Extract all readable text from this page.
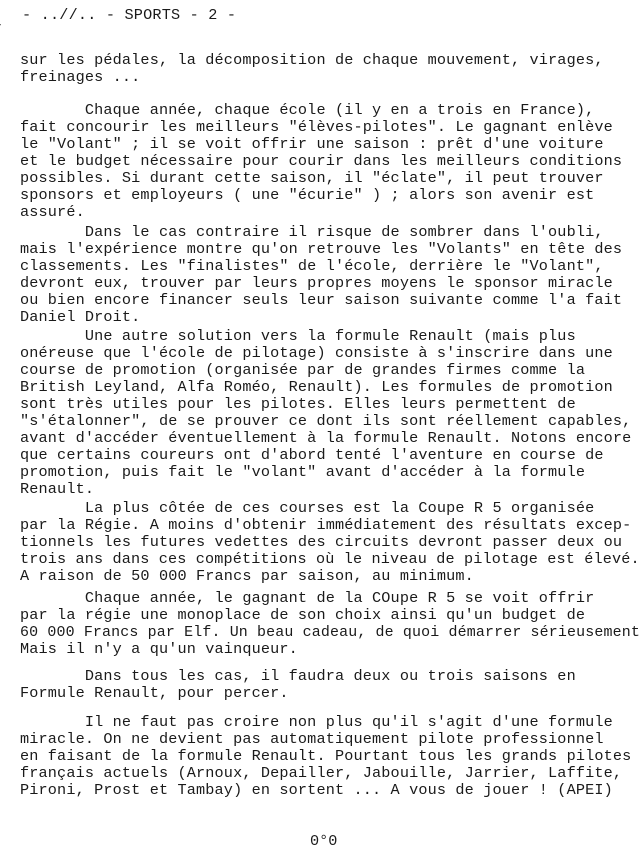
- ..//.. - SPORTS - 2 -
sur les pédales, la décomposition de chaque mouvement, virages,
freinages ...
Chaque année, chaque école (il y en a trois en France),
fait concourir les meilleurs "élèves-pilotes". Le gagnant enlève
le "Volant" ; il se voit offrir une saison : prêt d'une voiture
et le budget nécessaire pour courir dans les meilleurs conditions
possibles. Si durant cette saison, il "éclate", il peut trouver
sponsors et employeurs ( une "écurie" ) ; alors son avenir est
assuré.
Dans le cas contraire il risque de sombrer dans l'oubli,
mais l'expérience montre qu'on retrouve les "Volants" en tête des
classements. Les "finalistes" de l'école, derrière le "Volant",
devront eux, trouver par leurs propres moyens le sponsor miracle
ou bien encore financer seuls leur saison suivante comme l'a fait
Daniel Droit.
Une autre solution vers la formule Renault (mais plus
onéreuse que l'école de pilotage) consiste à s'inscrire dans une
course de promotion (organisée par de grandes firmes comme la
British Leyland, Alfa Roméo, Renault). Les formules de promotion
sont très utiles pour les pilotes. Elles leurs permettent de
"s'étalonner", de se prouver ce dont ils sont réellement capables,
avant d'accéder éventuellement à la formule Renault. Notons encore
que certains coureurs ont d'abord tenté l'aventure en course de
promotion, puis fait le "volant" avant d'accéder à la formule
Renault.
La plus côtée de ces courses est la Coupe R 5 organisée
par la Régie. A moins d'obtenir immédiatement des résultats excep-
tionnels les futures vedettes des circuits devront passer deux ou
trois ans dans ces compétitions où le niveau de pilotage est élevé.
A raison de 50 000 Francs par saison, au minimum.
Chaque année, le gagnant de la COupe R 5 se voit offrir
par la régie une monoplace de son choix ainsi qu'un budget de
60 000 Francs par Elf. Un beau cadeau, de quoi démarrer sérieusement
Mais il n'y a qu'un vainqueur.
Dans tous les cas, il faudra deux ou trois saisons en
Formule Renault, pour percer.
Il ne faut pas croire non plus qu'il s'agit d'une formule
miracle. On ne devient pas automatiquement pilote professionnel
en faisant de la formule Renault. Pourtant tous les grands pilotes
français actuels (Arnoux, Depailler, Jabouille, Jarrier, Laffite,
Pironi, Prost et Tambay) en sortent ... A vous de jouer ! (APEI)
0°0
